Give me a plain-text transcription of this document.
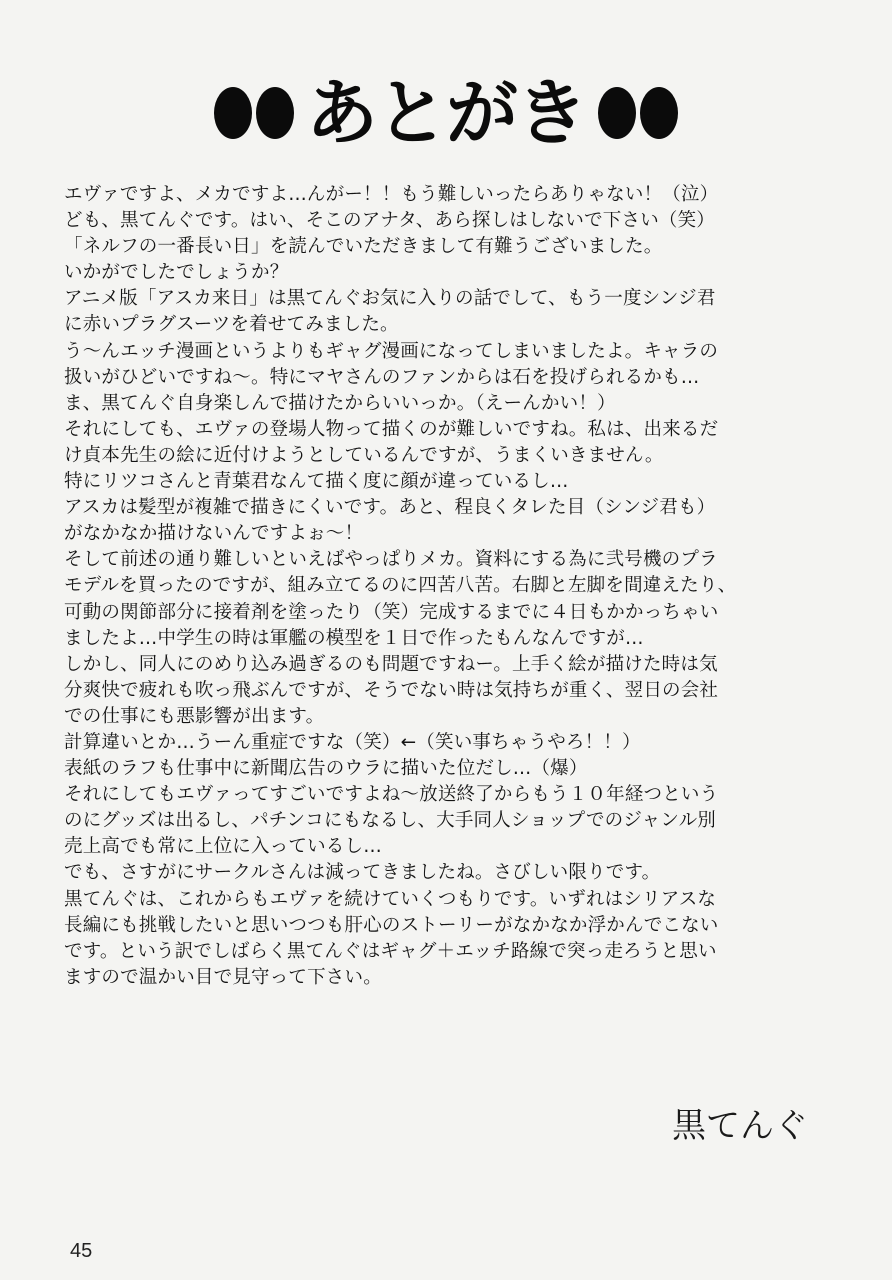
あとがき
エヴァですよ、メカですよ…んがー！！もう難しいったらありゃない！（泣）
ども、黒てんぐです。はい、そこのアナタ、あら探しはしないで下さい（笑）
「ネルフの一番長い日」を読んでいただきまして有難うございました。
いかがでしたでしょうか？
アニメ版「アスカ来日」は黒てんぐお気に入りの話でして、もう一度シンジ君
に赤いプラグスーツを着せてみました。
う～んエッチ漫画というよりもギャグ漫画になってしまいましたよ。キャラの
扱いがひどいですね～。特にマヤさんのファンからは石を投げられるかも…
ま、黒てんぐ自身楽しんで描けたからいいっか。（えーんかい！）
それにしても、エヴァの登場人物って描くのが難しいですね。私は、出来るだ
け貞本先生の絵に近付けようとしているんですが、うまくいきません。
特にリツコさんと青葉君なんて描く度に顔が違っているし…
アスカは髪型が複雑で描きにくいです。あと、程良くタレた目（シンジ君も）
がなかなか描けないんですよぉ～！
そして前述の通り難しいといえばやっぱりメカ。資料にする為に弐号機のプラ
モデルを買ったのですが、組み立てるのに四苦八苦。右脚と左脚を間違えたり、
可動の関節部分に接着剤を塗ったり（笑）完成するまでに４日もかかっちゃい
ましたよ…中学生の時は軍艦の模型を１日で作ったもんなんですが…
しかし、同人にのめり込み過ぎるのも問題ですねー。上手く絵が描けた時は気
分爽快で疲れも吹っ飛ぶんですが、そうでない時は気持ちが重く、翌日の会社
での仕事にも悪影響が出ます。
計算違いとか…うーん重症ですな（笑）←（笑い事ちゃうやろ！！）
表紙のラフも仕事中に新聞広告のウラに描いた位だし…（爆）
それにしてもエヴァってすごいですよね～放送終了からもう１０年経つという
のにグッズは出るし、パチンコにもなるし、大手同人ショップでのジャンル別
売上高でも常に上位に入っているし…
でも、さすがにサークルさんは減ってきましたね。さびしい限りです。
黒てんぐは、これからもエヴァを続けていくつもりです。いずれはシリアスな
長編にも挑戦したいと思いつつも肝心のストーリーがなかなか浮かんでこない
です。という訳でしばらく黒てんぐはギャグ＋エッチ路線で突っ走ろうと思い
ますので温かい目で見守って下さい。
黒てんぐ
45
